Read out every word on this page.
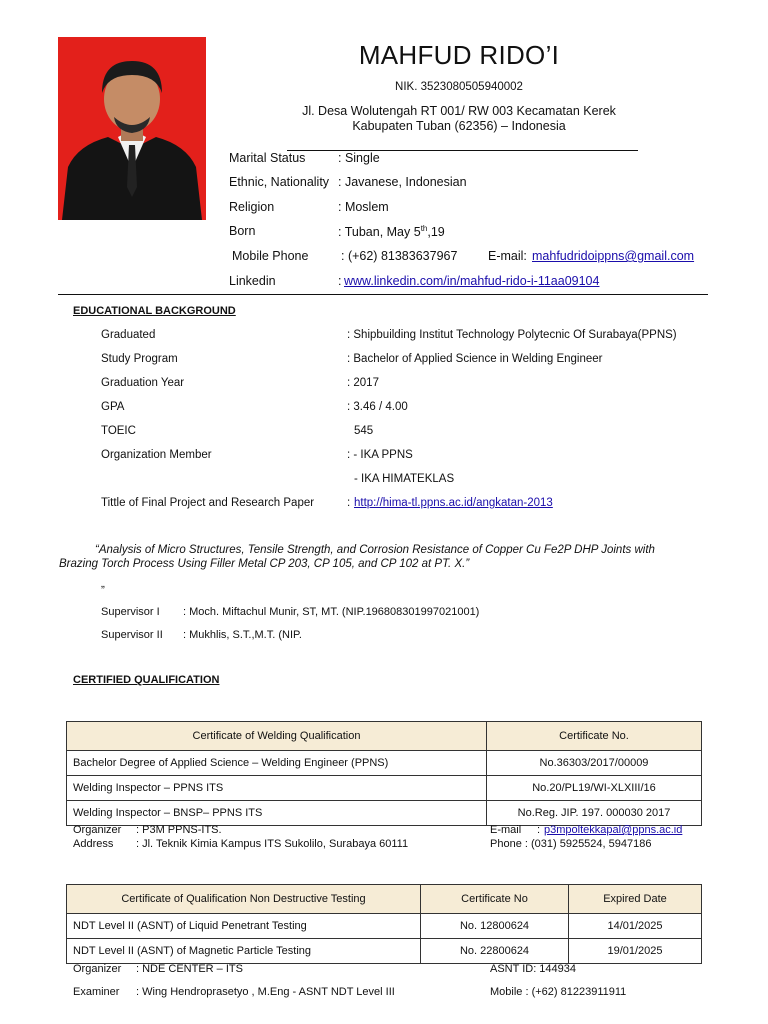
MAHFUD RIDO’I
NIK. 3523080505940002
Jl. Desa Wolutengah RT 001/ RW 003 Kecamatan Kerek
Kabupaten Tuban (62356) – Indonesia
Marital Status	: Single
Ethnic, Nationality : Javanese, Indonesian
Religion	: Moslem
Born	: Tuban, May 5th,19
Mobile Phone	: (+62) 81383637967 E-mail: mahfudridoippns@gmail.com
Linkedin	: www.linkedin.com/in/mahfud-rido-i-11aa09104
EDUCATIONAL BACKGROUND
Graduated	: Shipbuilding Institut Technology Polytecnic Of Surabaya(PPNS)
Study Program	: Bachelor of Applied Science in Welding Engineer
Graduation Year	: 2017
GPA	: 3.46 / 4.00
TOEIC	545
Organization Member	: - IKA PPNS
- IKA HIMATEKLAS
Tittle of Final Project and Research Paper	: http://hima-tl.ppns.ac.id/angkatan-2013
“Analysis of Micro Structures, Tensile Strength, and Corrosion Resistance of Copper Cu Fe2P DHP Joints with
Brazing Torch Process Using Filler Metal CP 203, CP 105, and CP 102 at PT. X.”
„
Supervisor I : Moch. Miftachul Munir, ST, MT. (NIP.196808301997021001)
Supervisor II : Mukhlis, S.T.,M.T. (NIP.
CERTIFIED QUALIFICATION
Certificate of Welding Qualification	Certificate No.
Bachelor Degree of Applied Science – Welding Engineer (PPNS)	No.36303/2017/00009
Welding Inspector – PPNS ITS	No.20/PL19/WI-XLXIII/16
Welding Inspector – BNSP– PPNS ITS	No.Reg. JIP. 197. 000030 2017
Organizer : P3M PPNS-ITS.
Address : Jl. Teknik Kimia Kampus ITS Sukolilo, Surabaya 60111
E-mail : p3mpoltekkapal@ppns.ac.id
Phone : (031) 5925524, 5947186
Certificate of Qualification Non Destructive Testing	Certificate No	Expired Date
NDT Level II (ASNT) of Liquid Penetrant Testing	No. 12800624	14/01/2025
NDT Level II (ASNT) of Magnetic Particle Testing	No. 22800624	19/01/2025
Organizer : NDE CENTER – ITS	ASNT ID: 144934
Examiner : Wing Hendroprasetyo , M.Eng - ASNT NDT Level III	Mobile : (+62) 81223911911
